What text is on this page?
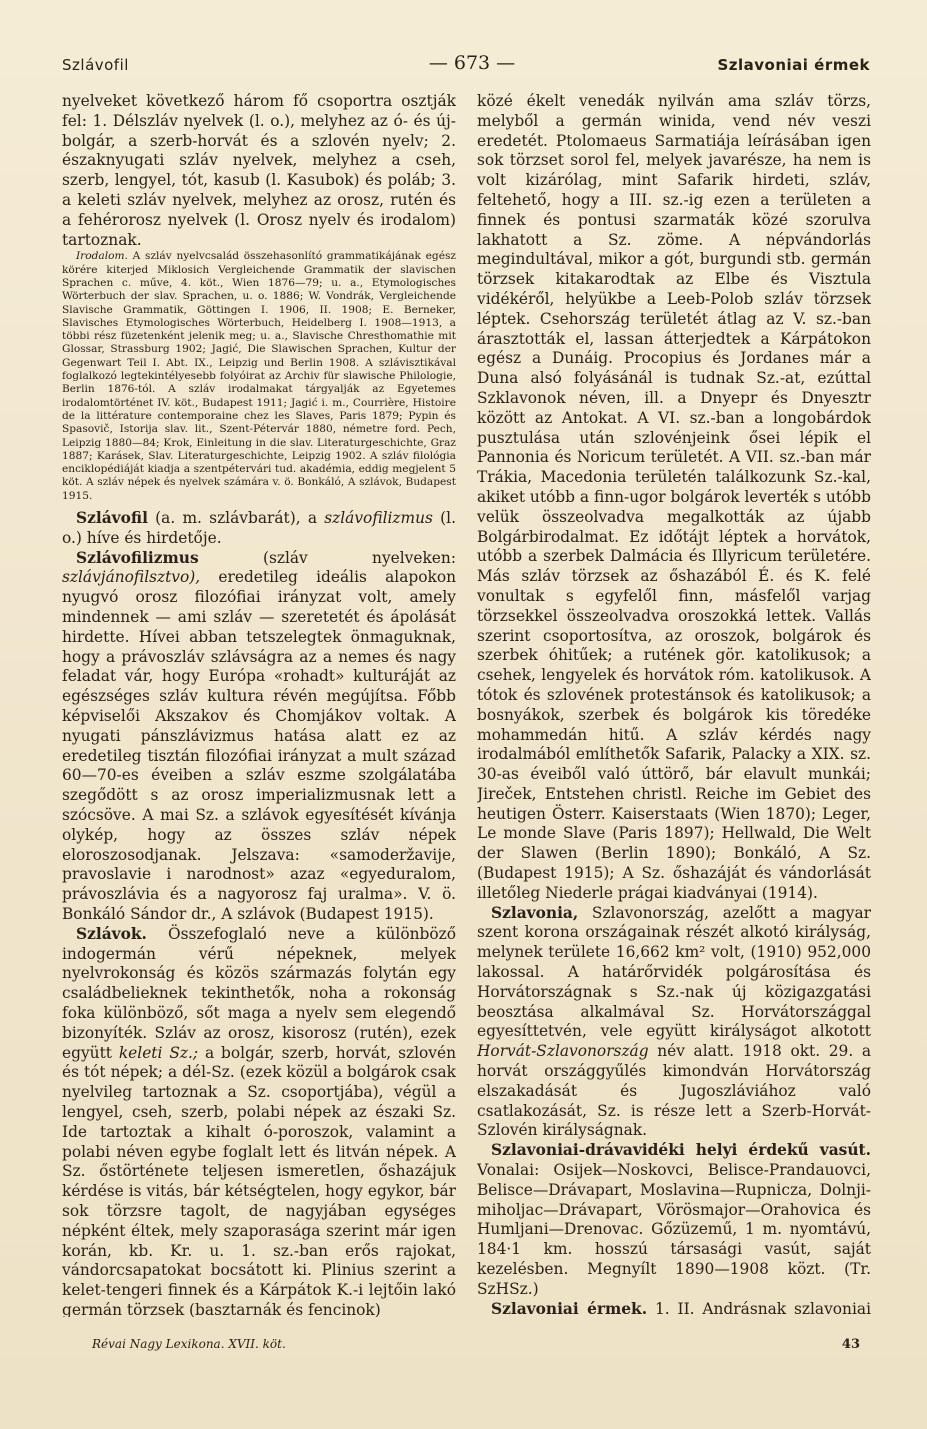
Szlávofil	— 673 —	Szlavoniai érmek

nyelveket következő három fő csoportra osztják fel: 1. Délszláv nyelvek (l. o.), melyhez az ó- és új-bolgár, a szerb-horvát és a szlovén nyelv; 2. északnyugati szláv nyelvek, melyhez a cseh, szerb, lengyel, tót, kasub (l. Kasubok) és poláb; 3. a keleti szláv nyelvek, melyhez az orosz, rutén és a fehérorosz nyelvek (l. Orosz nyelv és irodalom) tartoznak.

Irodalom. A szláv nyelvcsalád összehasonlító grammatikájának egész körére kiterjed Miklosich Vergleichende Grammatik der slavischen Sprachen c. műve, 4. köt., Wien 1876—79; u. a., Etymologisches Wörterbuch der slav. Sprachen, u. o. 1886; W. Vondrák, Vergleichende Slavische Grammatik, Göttingen I. 1906, II. 1908; E. Berneker, Slavisches Etymologisches Wörterbuch, Heidelberg I. 1908—1913, a többi rész füzetenként jelenik meg; u. a., Slavische Chresthomathie mit Glossar, Strassburg 1902; Jagić, Die Slawischen Sprachen, Kultur der Gegenwart Teil I. Abt. IX., Leipzig und Berlin 1908. A szlávisztikával foglalkozó legtekintélyesebb folyóirat az Archiv für slawische Philologie, Berlin 1876-tól. A szláv irodalmakat tárgyalják az Egyetemes irodalomtörténet IV. köt., Budapest 1911; Jagić i. m., Courrière, Histoire de la littérature contemporaine chez les Slaves, Paris 1879; Pypin és Spasovič, Istorija slav. lit., Szent-Pétervár 1880, németre ford. Pech, Leipzig 1880—84; Krok, Einleitung in die slav. Literaturgeschichte, Graz 1887; Karásek, Slav. Literaturgeschichte, Leipzig 1902. A szláv filológia enciklopédiáját kiadja a szentpétervári tud. akadémia, eddig megjelent 5 köt. A szláv népek és nyelvek számára v. ö. Bonkáló, A szlávok, Budapest 1915.

Szlávofil (a. m. szlávbarát), a szlávofilizmus (l. o.) híve és hirdetője.

Szlávofilizmus (szláv nyelveken: szlávjánofilsztvo), eredetileg ideális alapokon nyugvó orosz filozófiai irányzat volt, amely mindennek — ami szláv — szeretetét és ápolását hirdette. Hívei abban tetszelegtek önmaguknak, hogy a právoszláv szlávságra az a nemes és nagy feladat vár, hogy Európa «rohadt» kulturáját az egészséges szláv kultura révén megújítsa. Főbb képviselői Akszakov és Chomjákov voltak. A nyugati pánszlávizmus hatása alatt ez az eredetileg tisztán filozófiai irányzat a mult század 60—70-es éveiben a szláv eszme szolgálatába szegődött s az orosz imperializmusnak lett a szócsöve. A mai Sz. a szlávok egyesítését kívánja olykép, hogy az összes szláv népek eloroszosodjanak. Jelszava: «samoderžavije, pravoslavie i narodnost» azaz «egyeduralom, právoszlávia és a nagyorosz faj uralma». V. ö. Bonkáló Sándor dr., A szlávok (Budapest 1915).

Szlávok. Összefoglaló neve a különböző indogermán vérű népeknek, melyek nyelvrokonság és közös származás folytán egy családbelieknek tekinthetők, noha a rokonság foka különböző, sőt maga a nyelv sem elegendő bizonyíték. Szláv az orosz, kisorosz (rutén), ezek együtt keleti Sz.; a bolgár, szerb, horvát, szlovén és tót népek; a dél-Sz. (ezek közül a bolgárok csak nyelvileg tartoznak a Sz. csoportjába), végül a lengyel, cseh, szerb, polabi népek az északi Sz. Ide tartoztak a kihalt ó-poroszok, valamint a polabi néven egybe foglalt lett és litván népek. A Sz. őstörténete teljesen ismeretlen, őshazájuk kérdése is vitás, bár kétségtelen, hogy egykor, bár sok törzsre tagolt, de nagyjában egységes népként éltek, mely szaporasága szerint már igen korán, kb. Kr. u. 1. sz.-ban erős rajokat, vándorcsapatokat bocsátott ki. Plinius szerint a kelet-tengeri finnek és a Kárpátok K.-i lejtőin lakó germán törzsek (basztarnák és fencinok)

közé ékelt venedák nyilván ama szláv törzs, melyből a germán winida, vend név veszi eredetét. Ptolomaeus Sarmatiája leírásában igen sok törzset sorol fel, melyek javarésze, ha nem is volt kizárólag, mint Safarik hirdeti, szláv, feltehető, hogy a III. sz.-ig ezen a területen a finnek és pontusi szarmaták közé szorulva lakhatott a Sz. zöme. A népvándorlás megindultával, mikor a gót, burgundi stb. germán törzsek kitakarodtak az Elbe és Visztula vidékéről, helyükbe a Leeb-Polob szláv törzsek léptek. Csehország területét átlag az V. sz.-ban árasztották el, lassan átterjedtek a Kárpátokon egész a Dunáig. Procopius és Jordanes már a Duna alsó folyásánál is tudnak Sz.-at, ezúttal Szklavonok néven, ill. a Dnyepr és Dnyesztr között az Antokat. A VI. sz.-ban a longobárdok pusztulása után szlovénjeink ősei lépik el Pannonia és Noricum területét. A VII. sz.-ban már Trákia, Macedonia területén találkozunk Sz.-kal, akiket utóbb a finn-ugor bolgárok leverték s utóbb velük összeolvadva megalkották az újabb Bolgárbirodalmat. Ez időtájt léptek a horvátok, utóbb a szerbek Dalmácia és Illyricum területére. Más szláv törzsek az őshazából É. és K. felé vonultak s egyfelől finn, másfelől varjag törzsekkel összeolvadva oroszokká lettek. Vallás szerint csoportosítva, az oroszok, bolgárok és szerbek óhitűek; a rutének gör. katolikusok; a csehek, lengyelek és horvátok róm. katolikusok. A tótok és szlovének protestánsok és katolikusok; a bosnyákok, szerbek és bolgárok kis töredéke mohammedán hitű. A szláv kérdés nagy irodalmából említhetők Safarik, Palacky a XIX. sz. 30-as éveiből való úttörő, bár elavult munkái; Jireček, Entstehen christl. Reiche im Gebiet des heutigen Österr. Kaiserstaats (Wien 1870); Leger, Le monde Slave (Paris 1897); Hellwald, Die Welt der Slawen (Berlin 1890); Bonkáló, A Sz. (Budapest 1915); A Sz. őshazáját és vándorlását illetőleg Niederle prágai kiadványai (1914).

Szlavonia, Szlavonország, azelőtt a magyar szent korona országainak részét alkotó királyság, melynek területe 16,662 km² volt, (1910) 952,000 lakossal. A határőrvidék polgárosítása és Horvátországnak s Sz.-nak új közigazgatási beosztása alkalmával Sz. Horvátországgal egyesíttetvén, vele együtt királyságot alkotott Horvát-Szlavonország név alatt. 1918 okt. 29. a horvát országgyűlés kimondván Horvátország elszakadását és Jugoszláviához való csatlakozását, Sz. is része lett a Szerb-Horvát-Szlovén királyságnak.

Szlavoniai-drávavidéki helyi érdekű vasút. Vonalai: Osijek—Noskovci, Belisce-Prandauovci, Belisce—Drávapart, Moslavina—Rupnicza, Dolnji-miholjac—Drávapart, Vörösmajor—Orahovica és Humljani—Drenovac. Gőzüzemű, 1 m. nyomtávú, 184·1 km. hosszú társasági vasút, saját kezelésben. Megnyílt 1890—1908 közt. (Tr. SzHSz.)

Szlavoniai érmek. 1. II. Andrásnak szlavoniai

Révai Nagy Lexikona. XVII. köt.	43
